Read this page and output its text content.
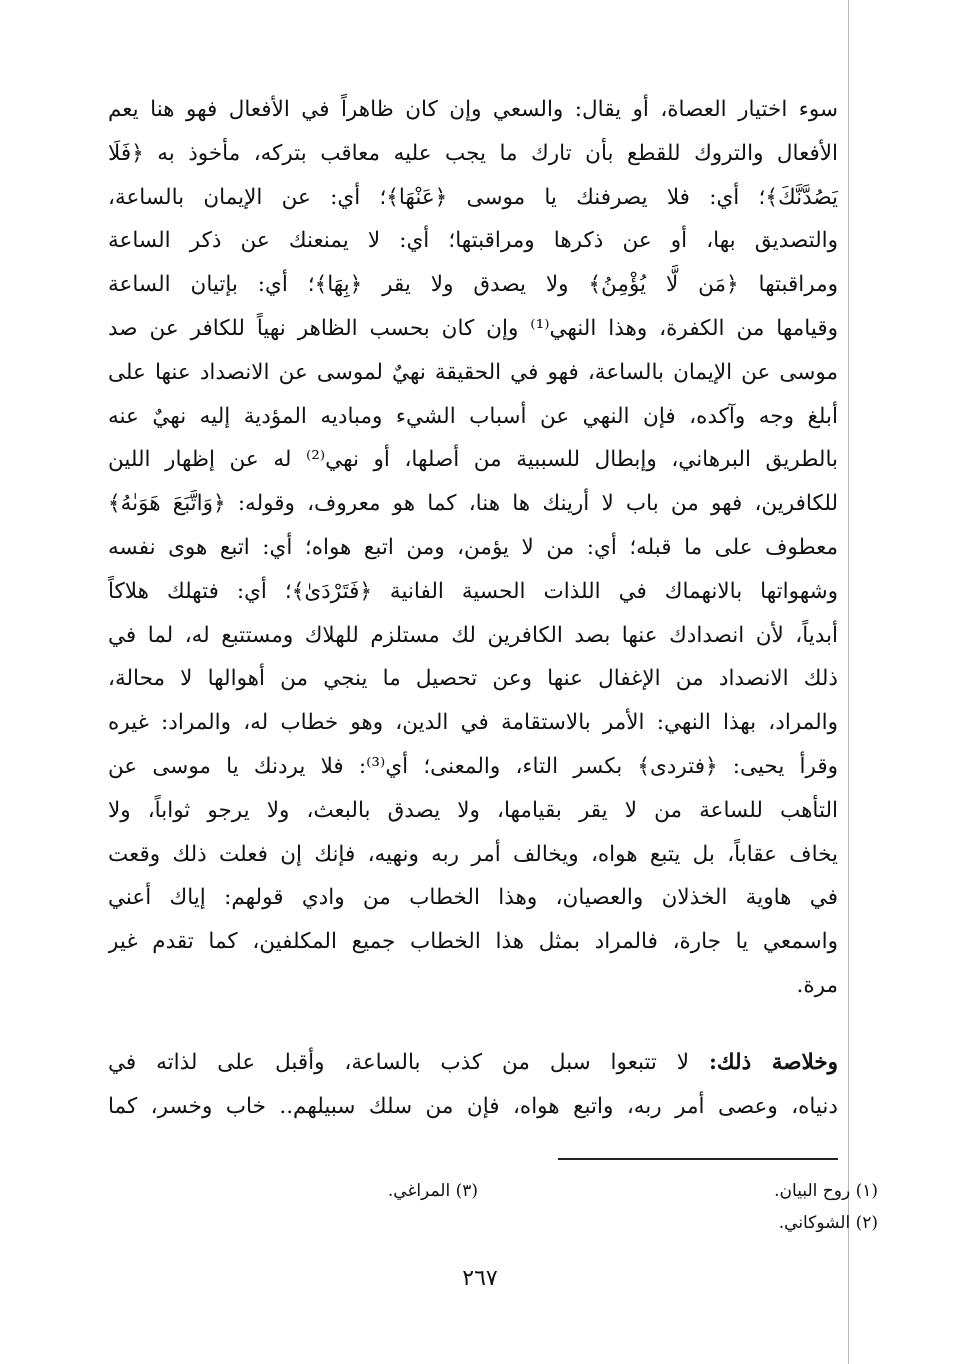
سوء اختيار العصاة، أو يقال: والسعي وإن كان ظاهراً في الأفعال فهو هنا يعم
الأفعال والتروك للقطع بأن تارك ما يجب عليه معاقب بتركه، مأخوذ به ﴿فَلَا
يَصُدَّنَّكَ﴾؛ أي: فلا يصرفنك يا موسى ﴿عَنْهَا﴾؛ أي: عن الإيمان بالساعة،
والتصديق بها، أو عن ذكرها ومراقبتها؛ أي: لا يمنعنك عن ذكر الساعة
ومراقبتها ﴿مَن لَّا يُؤْمِنُ﴾ ولا يصدق ولا يقر ﴿بِهَا﴾؛ أي: بإتيان الساعة
وقيامها من الكفرة، وهذا النهي⁽¹⁾ وإن كان بحسب الظاهر نهياً للكافر عن صد
موسى عن الإيمان بالساعة، فهو في الحقيقة نهيٌ لموسى عن الانصداد عنها على
أبلغ وجه وآكده، فإن النهي عن أسباب الشيء ومباديه المؤدية إليه نهيٌ عنه
بالطريق البرهاني، وإبطال للسببية من أصلها، أو نهي⁽²⁾ له عن إظهار اللين
للكافرين، فهو من باب لا أرينك ها هنا، كما هو معروف، وقوله: ﴿وَاتَّبَعَ هَوَىٰهُ﴾
معطوف على ما قبله؛ أي: من لا يؤمن، ومن اتبع هواه؛ أي: اتبع هوى نفسه
وشهواتها بالانهماك في اللذات الحسية الفانية ﴿فَتَرْدَىٰ﴾؛ أي: فتهلك هلاكاً
أبدياً، لأن انصدادك عنها بصد الكافرين لك مستلزم للهلاك ومستتبع له، لما في
ذلك الانصداد من الإغفال عنها وعن تحصيل ما ينجي من أهوالها لا محالة،
والمراد، بهذا النهي: الأمر بالاستقامة في الدين، وهو خطاب له، والمراد: غيره
وقرأ يحيى: ﴿فتردى﴾ بكسر التاء، والمعنى؛ أي⁽³⁾: فلا يردنك يا موسى عن
التأهب للساعة من لا يقر بقيامها، ولا يصدق بالبعث، ولا يرجو ثواباً، ولا
يخاف عقاباً، بل يتبع هواه، ويخالف أمر ربه ونهيه، فإنك إن فعلت ذلك وقعت
في هاوية الخذلان والعصيان، وهذا الخطاب من وادي قولهم: إياك أعني
واسمعي يا جارة، فالمراد بمثل هذا الخطاب جميع المكلفين، كما تقدم غير
مرة.
وخلاصة ذلك: لا تتبعوا سبل من كذب بالساعة، وأقبل على لذاته في
دنياه، وعصى أمر ربه، واتبع هواه، فإن من سلك سبيلهم.. خاب وخسر، كما
(١) روح البيان.
(٢) الشوكاني.
(٣) المراغي.
٢٦٧
